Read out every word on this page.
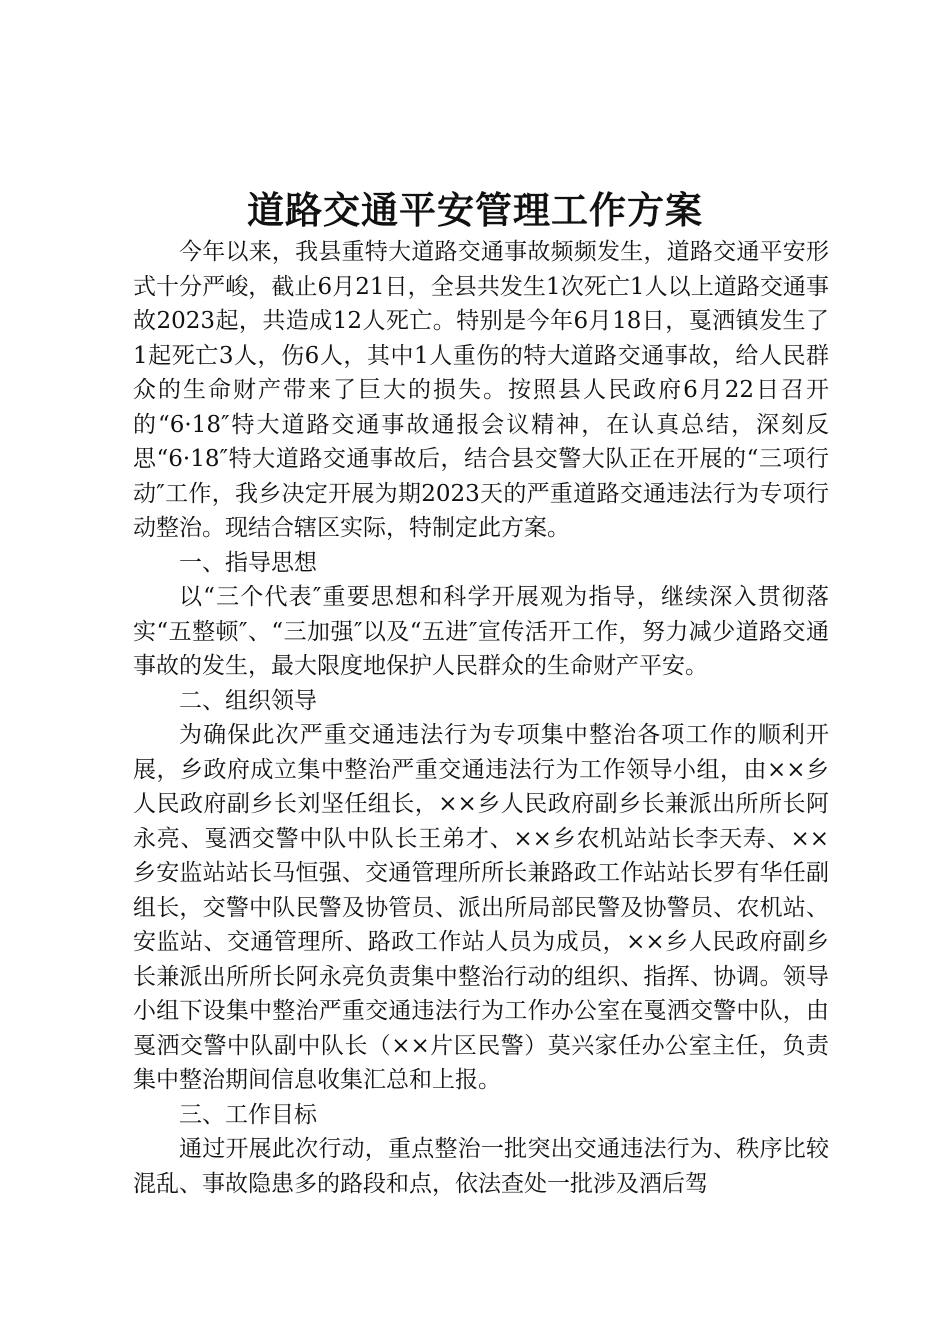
道路交通平安管理工作方案

今年以来，我县重特大道路交通事故频频发生，道路交通平安形式十分严峻，截止6月21日，全县共发生1次死亡1人以上道路交通事故2023起，共造成12人死亡。特别是今年6月18日，戛洒镇发生了1起死亡3人，伤6人，其中1人重伤的特大道路交通事故，给人民群众的生命财产带来了巨大的损失。按照县人民政府6月22日召开的“6·18″特大道路交通事故通报会议精神，在认真总结，深刻反思“6·18″特大道路交通事故后，结合县交警大队正在开展的“三项行动″工作，我乡决定开展为期2023天的严重道路交通违法行为专项行动整治。现结合辖区实际，特制定此方案。

一、指导思想

以“三个代表″重要思想和科学开展观为指导，继续深入贯彻落实“五整顿″、“三加强″以及“五进″宣传活开工作，努力减少道路交通事故的发生，最大限度地保护人民群众的生命财产平安。

二、组织领导

为确保此次严重交通违法行为专项集中整治各项工作的顺利开展，乡政府成立集中整治严重交通违法行为工作领导小组，由××乡人民政府副乡长刘坚任组长，××乡人民政府副乡长兼派出所所长阿永亮、戛洒交警中队中队长王弟才、××乡农机站站长李天寿、××乡安监站站长马恒强、交通管理所所长兼路政工作站站长罗有华任副组长，交警中队民警及协管员、派出所局部民警及协警员、农机站、安监站、交通管理所、路政工作站人员为成员，××乡人民政府副乡长兼派出所所长阿永亮负责集中整治行动的组织、指挥、协调。领导小组下设集中整治严重交通违法行为工作办公室在戛洒交警中队，由戛洒交警中队副中队长（××片区民警）莫兴家任办公室主任，负责集中整治期间信息收集汇总和上报。

三、工作目标

通过开展此次行动，重点整治一批突出交通违法行为、秩序比较混乱、事故隐患多的路段和点，依法查处一批涉及酒后驾
